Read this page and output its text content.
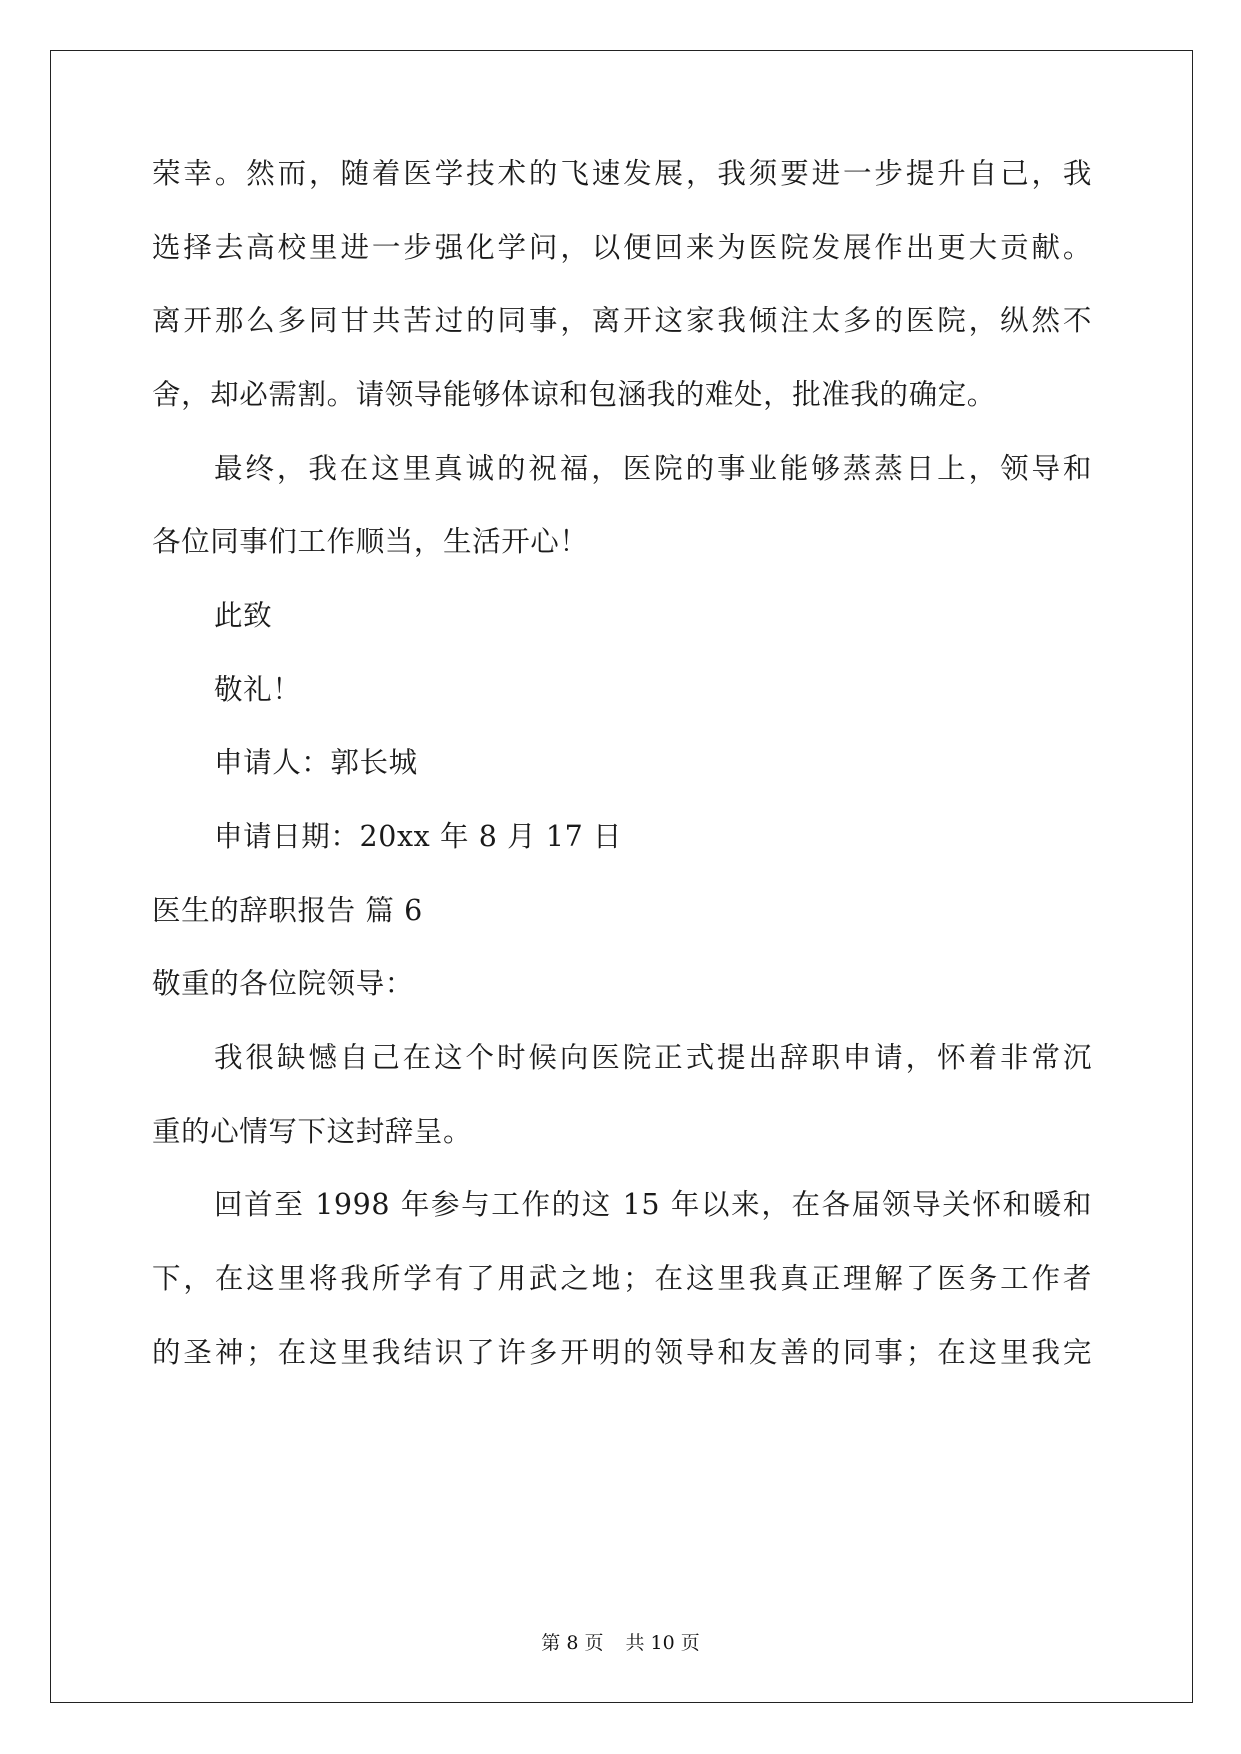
荣幸。然而，随着医学技术的飞速发展，我须要进一步提升自己，我
选择去高校里进一步强化学问，以便回来为医院发展作出更大贡献。
离开那么多同甘共苦过的同事，离开这家我倾注太多的医院，纵然不
舍，却必需割。请领导能够体谅和包涵我的难处，批准我的确定。
最终，我在这里真诚的祝福，医院的事业能够蒸蒸日上，领导和
各位同事们工作顺当，生活开心！
此致
敬礼！
申请人：郭长城
申请日期：20xx 年 8 月 17 日
医生的辞职报告 篇 6
敬重的各位院领导：
我很缺憾自己在这个时候向医院正式提出辞职申请，怀着非常沉
重的心情写下这封辞呈。
回首至 1998 年参与工作的这 15 年以来，在各届领导关怀和暖和
下，在这里将我所学有了用武之地；在这里我真正理解了医务工作者
的圣神；在这里我结识了许多开明的领导和友善的同事；在这里我完
第 8 页 共 10 页
